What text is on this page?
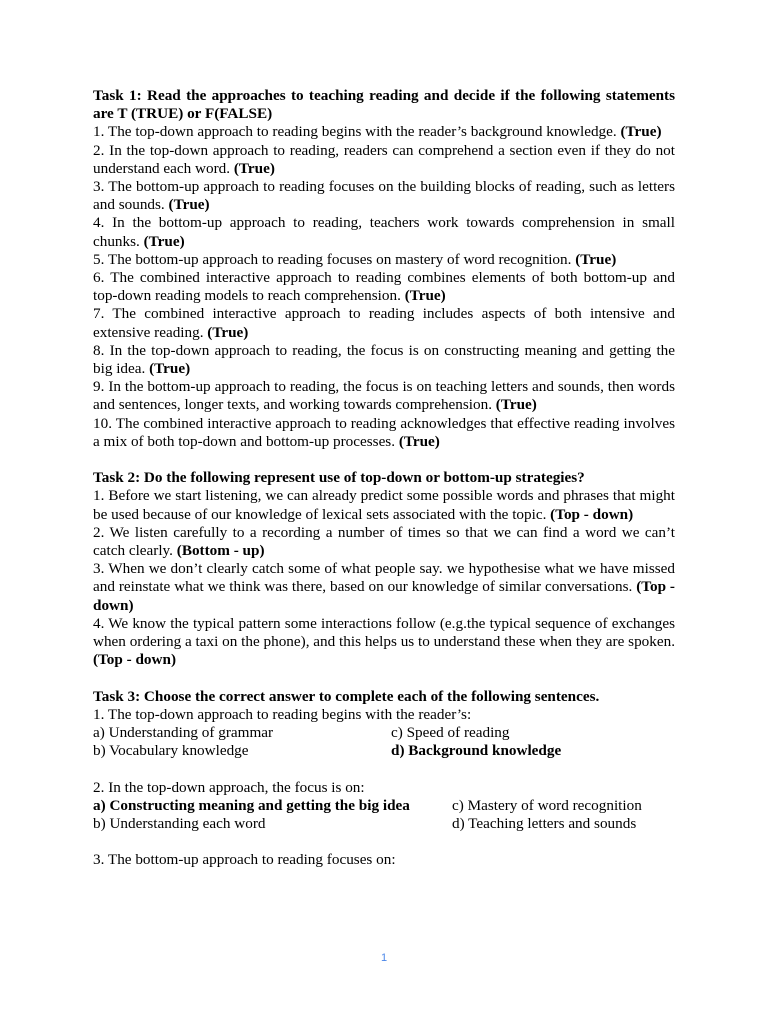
Task 1: Read the approaches to teaching reading and decide if the following statements are T (TRUE) or F(FALSE)

1. The top-down approach to reading begins with the reader’s background knowledge. (True)

2. In the top-down approach to reading, readers can comprehend a section even if they do not understand each word. (True)

3. The bottom-up approach to reading focuses on the building blocks of reading, such as letters and sounds. (True)

4. In the bottom-up approach to reading, teachers work towards comprehension in small chunks. (True)

5. The bottom-up approach to reading focuses on mastery of word recognition. (True)

6. The combined interactive approach to reading combines elements of both bottom-up and top-down reading models to reach comprehension. (True)

7. The combined interactive approach to reading includes aspects of both intensive and extensive reading. (True)

8. In the top-down approach to reading, the focus is on constructing meaning and getting the big idea. (True)

9. In the bottom-up approach to reading, the focus is on teaching letters and sounds, then words and sentences, longer texts, and working towards comprehension. (True)

10. The combined interactive approach to reading acknowledges that effective reading involves a mix of both top-down and bottom-up processes. (True)

Task 2: Do the following represent use of top-down or bottom-up strategies?

1. Before we start listening, we can already predict some possible words and phrases that might be used because of our knowledge of lexical sets associated with the topic. (Top - down)

2. We listen carefully to a recording a number of times so that we can find a word we can’t catch clearly. (Bottom - up)

3. When we don’t clearly catch some of what people say. we hypothesise what we have missed and reinstate what we think was there, based on our knowledge of similar conversations. (Top - down)

4. We know the typical pattern some interactions follow (e.g.the typical sequence of exchanges when ordering a taxi on the phone), and this helps us to understand these when they are spoken. (Top - down)

Task 3: Choose the correct answer to complete each of the following sentences.

1. The top-down approach to reading begins with the reader’s:

a) Understanding of grammar	c) Speed of reading
b) Vocabulary knowledge	d) Background knowledge

2. In the top-down approach, the focus is on:

a) Constructing meaning and getting the big idea	c) Mastery of word recognition
b) Understanding each word	d) Teaching letters and sounds

3. The bottom-up approach to reading focuses on:

1
